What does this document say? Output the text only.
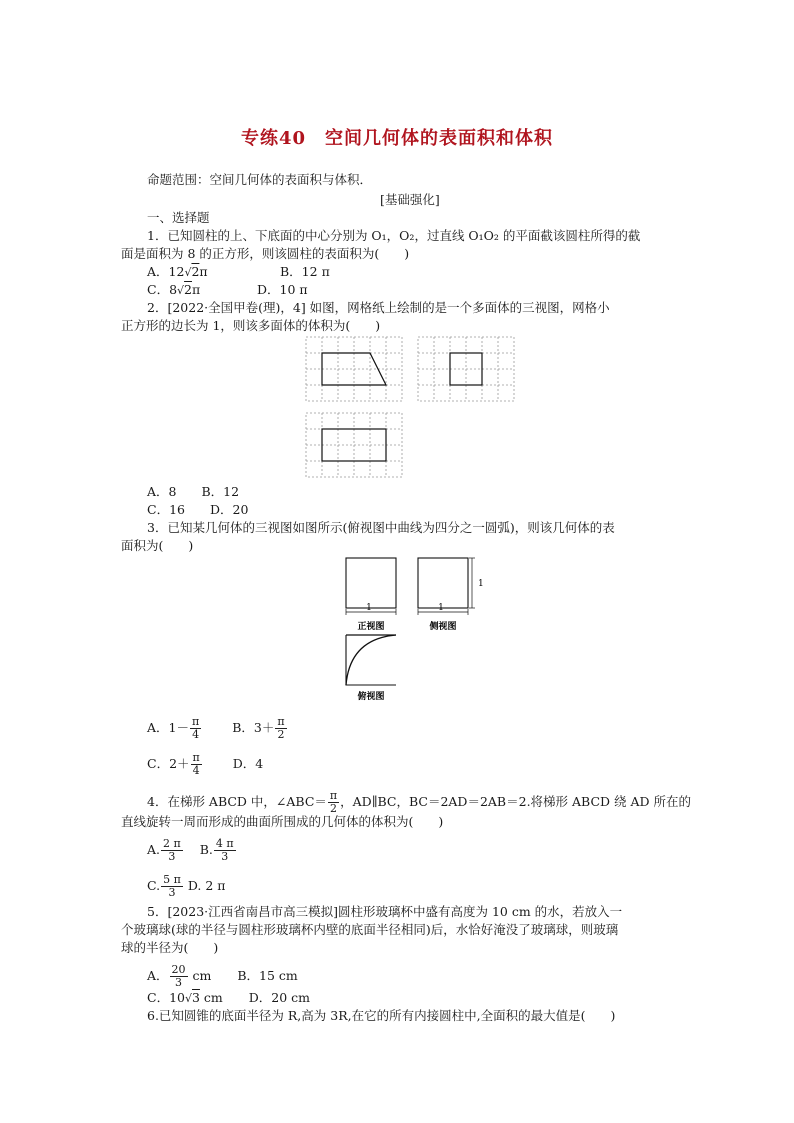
专练40　空间几何体的表面积和体积
命题范围：空间几何体的表面积与体积．
[基础强化]
一、选择题
1．已知圆柱的上、下底面的中心分别为 O₁，O₂，过直线 O₁O₂ 的平面截该圆柱所得的截
面是面积为 8 的正方形，则该圆柱的表面积为(　　)
A．12√2π	B．12 π
C．8√2π	D．10 π
2．[2022·全国甲卷(理)，4] 如图，网格纸上绘制的是一个多面体的三视图，网格小
正方形的边长为 1，则该多面体的体积为(　　)
A．8　　B．12
C．16　　D．20
3．已知某几何体的三视图如图所示(俯视图中曲线为四分之一圆弧)，则该几何体的表
面积为(　　)
1	1
1
正视图	侧视图
俯视图
A．$1- \frac{\pi}{4}$ B．$3+ \frac{\pi}{2}$
C．$2+ \frac{\pi}{4}$ D．4
4．在梯形 ABCD 中，∠ABC＝ $\frac{\pi}{2}$ ，AD∥BC，BC＝2AD＝2AB＝2.将梯形 ABCD 绕 AD 所在的
直线旋转一周而形成的曲面所围成的几何体的体积为(　　)
A. $\frac{2 \pi}{3} B$. $\frac{4 \pi}{3}$
C. $\frac{5 \pi}{3} D$. 2 π
5．[2023·江西省南昌市高三模拟]圆柱形玻璃杯中盛有高度为 10 cm 的水，若放入一
个玻璃球(球的半径与圆柱形玻璃杯内壁的底面半径相同)后，水恰好淹没了玻璃球，则玻璃
球的半径为(　　)
A． $\frac{20}{3}$ cm B．15 cm
C．10√3 cm D．20 cm
6.已知圆锥的底面半径为 R,高为 3R,在它的所有内接圆柱中,全面积的最大值是(　　)
